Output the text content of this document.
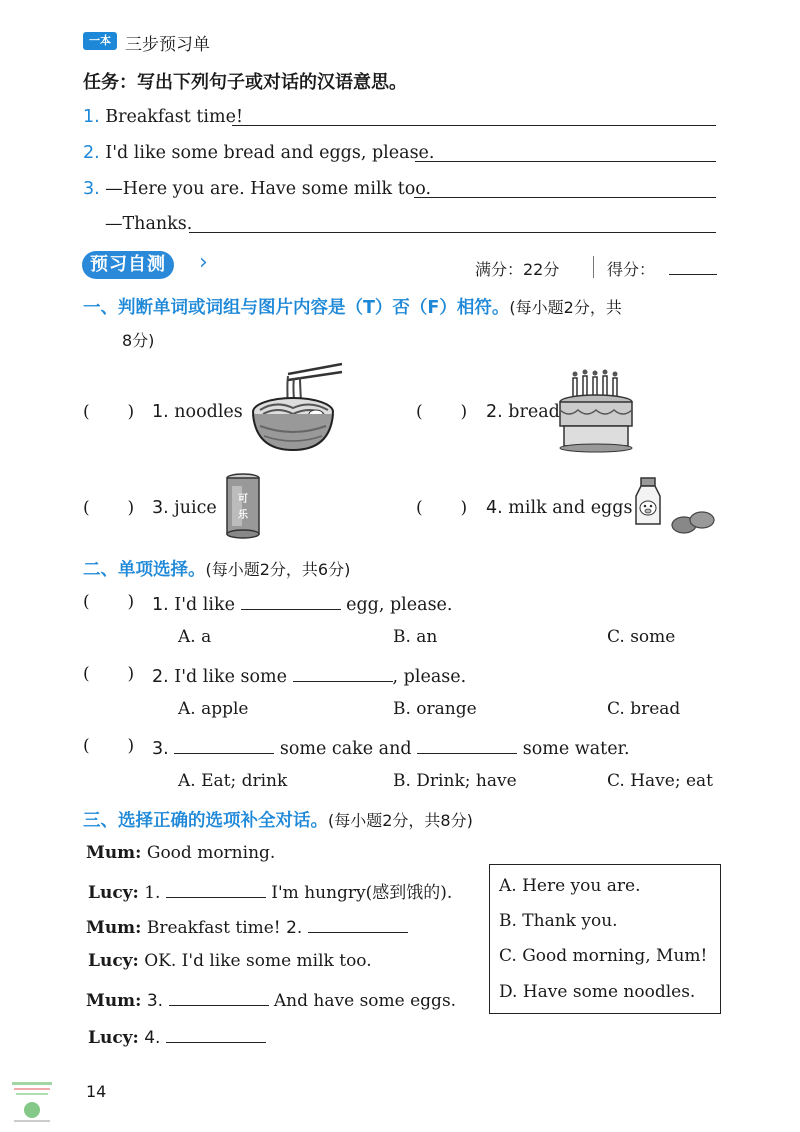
一本 三步预习单
任务：写出下列句子或对话的汉语意思。
1. Breakfast time!
2. I'd like some bread and eggs, please.
3. —Here you are. Have some milk too.
—Thanks.
预习自测	›	满分：22分	得分：
一、判断单词或词组与图片内容是（T）否（F）相符。(每小题2分，共
8分)
(       ) 1. noodles	(       ) 2. bread
(       ) 3. juice 可
乐	(       ) 4. milk and eggs
二、单项选择。(每小题2分，共6分)
(       ) 1. I'd like	egg, please.
A. a	B. an	C. some
(       ) 2. I'd like some	, please.
A. apple	B. orange	C. bread
(       ) 3.	some cake and	some water.
A. Eat; drink	B. Drink; have	C. Have; eat
三、选择正确的选项补全对话。(每小题2分，共8分)
Mum: Good morning.
Lucy: 1.	I'm hungry(感到饿的).
Mum: Breakfast time! 2.
Lucy: OK. I'd like some milk too.
Mum: 3.	And have some eggs.
Lucy: 4.
A. Here you are.
B. Thank you.
C. Good morning, Mum!
D. Have some noodles.
14
